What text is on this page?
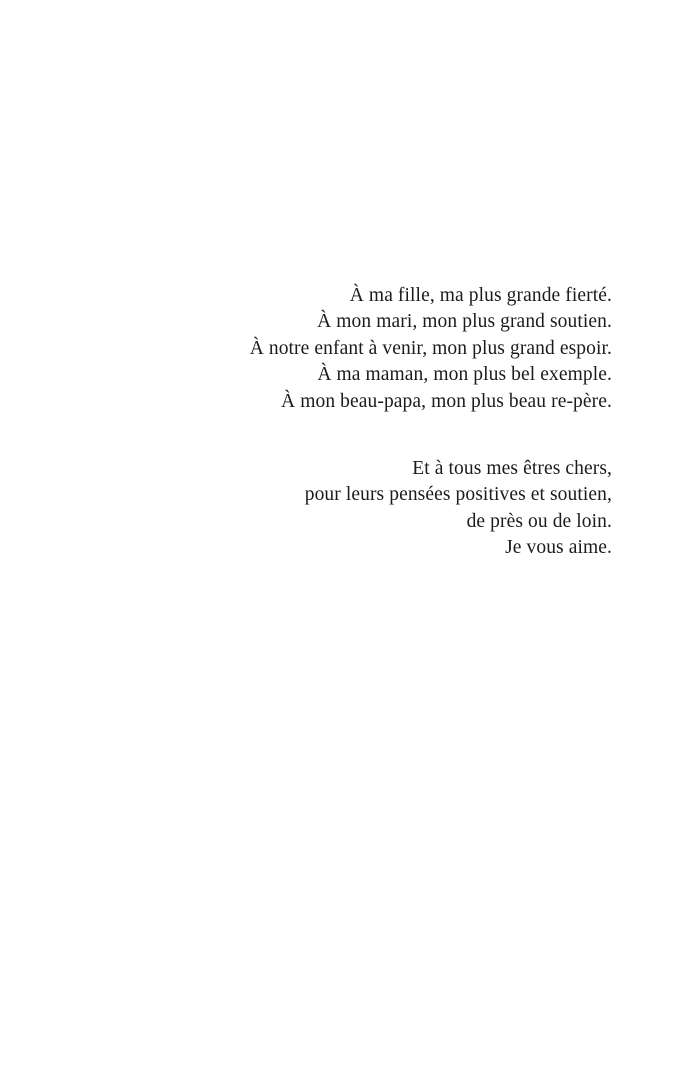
À ma fille, ma plus grande fierté.
À mon mari, mon plus grand soutien.
À notre enfant à venir, mon plus grand espoir.
À ma maman, mon plus bel exemple.
À mon beau-papa, mon plus beau re-père.
Et à tous mes êtres chers,
pour leurs pensées positives et soutien,
de près ou de loin.
Je vous aime.
